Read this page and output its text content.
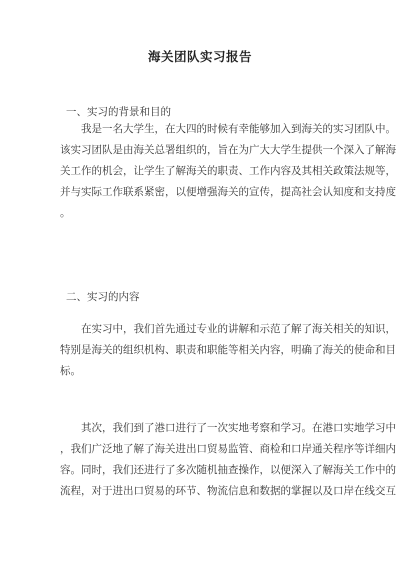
海关团队实习报告
一、实习的背景和目的
我是一名大学生，在大四的时候有幸能够加入到海关的实习团队中。
该实习团队是由海关总署组织的，旨在为广大大学生提供一个深入了解海
关工作的机会，让学生了解海关的职责、工作内容及其相关政策法规等，
并与实际工作联系紧密，以便增强海关的宣传，提高社会认知度和支持度
。
二、实习的内容
在实习中，我们首先通过专业的讲解和示范了解了海关相关的知识，
特别是海关的组织机构、职责和职能等相关内容，明确了海关的使命和目
标。
其次，我们到了港口进行了一次实地考察和学习。在港口实地学习中
，我们广泛地了解了海关进出口贸易监管、商检和口岸通关程序等详细内
容。同时，我们还进行了多次随机抽查操作，以便深入了解海关工作中的
流程，对于进出口贸易的环节、物流信息和数据的掌握以及口岸在线交互
